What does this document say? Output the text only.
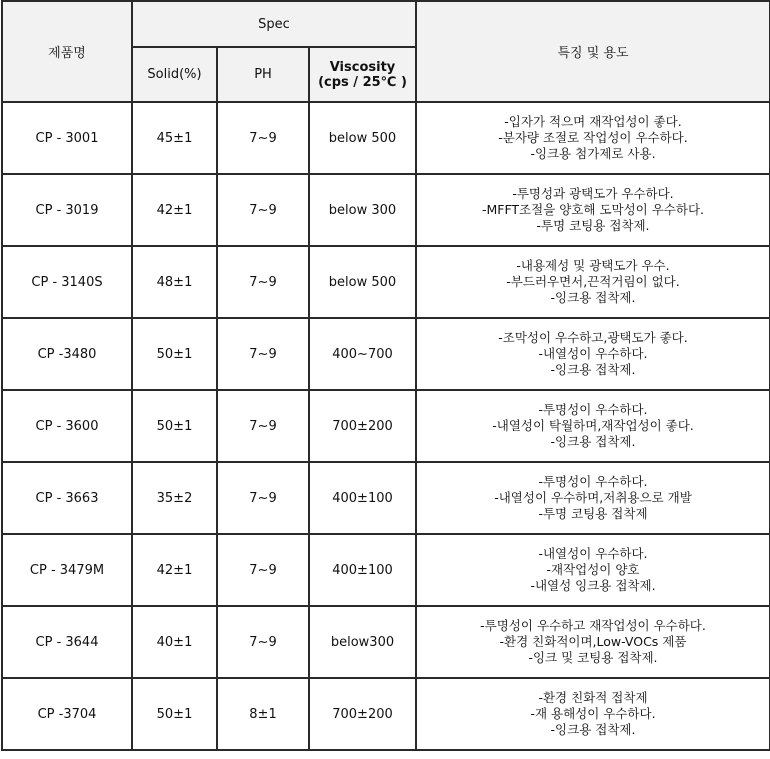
제품명	Spec			특징 및 용도
	Solid(%)	PH	Viscosity
(cps / 25℃ )	

CP - 3001	45±1	7~9	below 500	-입자가 적으며 재작업성이 좋다.
-분자량 조절로 작업성이 우수하다.
-잉크용 첨가제로 사용.

CP - 3019	42±1	7~9	below 300	-투명성과 광택도가 우수하다.
-MFFT조절을 양호해 도막성이 우수하다.
-투명 코팅용 접착제.

CP - 3140S	48±1	7~9	below 500	-내용제성 및 광택도가 우수.
-부드러우면서,끈적거림이 없다.
-잉크용 접착제.

CP -3480	50±1	7~9	400~700	-조막성이 우수하고,광택도가 좋다.
-내열성이 우수하다.
-잉크용 접착제.

CP - 3600	50±1	7~9	700±200	-투명성이 우수하다.
-내열성이 탁월하며,재작업성이 좋다.
-잉크용 접착제.

CP - 3663	35±2	7~9	400±100	-투명성이 우수하다.
-내열성이 우수하며,저취용으로 개발
-투명 코팅용 접착제

CP - 3479M	42±1	7~9	400±100	-내열성이 우수하다.
-재작업성이 양호
-내열성 잉크용 접착제.

CP - 3644	40±1	7~9	below300	-투명성이 우수하고 재작업성이 우수하다.
-환경 친화적이며,Low-VOCs 제품
-잉크 및 코팅용 접착제.

CP -3704	50±1	8±1	700±200	-환경 친화적 접착제
-재 용해성이 우수하다.
-잉크용 접착제.
